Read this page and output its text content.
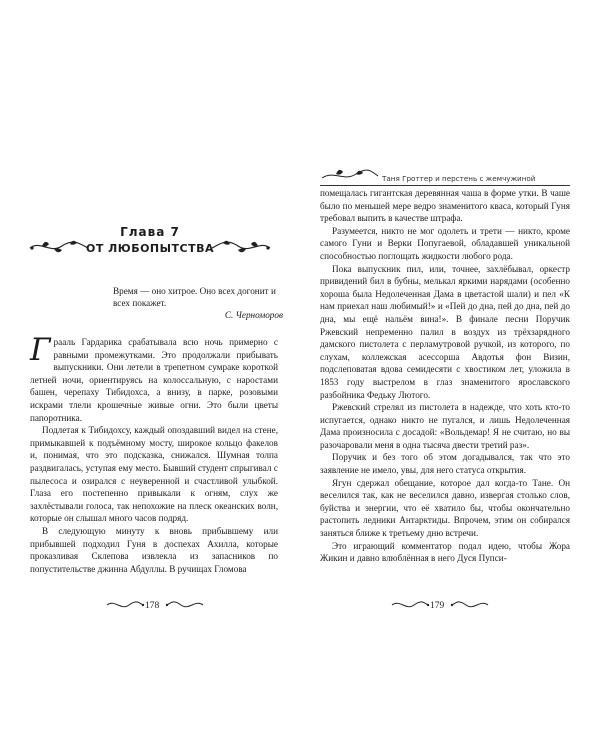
Глава 7
ОТ ЛЮБОПЫТСТВА
Время — оно хитрое. Оно всех догонит и всех покажет.
С. Черноморов

Грааль Гардарика срабатывала всю ночь примерно с равными промежутками. Это продолжали прибывать выпускники. Они летели в трепетном сумраке короткой летней ночи, ориентируясь на колоссальную, с наростами башен, черепаху Тибидохса, а внизу, в парке, розовыми искрами тлели крошечные живые огни. Это были цветы папоротника.

Подлетая к Тибидохсу, каждый опоздавший видел на стене, примыкавшей к подъёмному мосту, широкое кольцо факелов и, понимая, что это подсказка, снижался. Шумная толпа раздвигалась, уступая ему место. Бывший студент спрыгивал с пылесоса и озирался с неуверенной и счастливой улыбкой. Глаза его постепенно привыкали к огням, слух же захлёстывали голоса, так непохожие на плеск океанских волн, которые он слышал много часов подряд.

В следующую минуту к вновь прибывшему или прибывшей подходил Гуня в доспехах Ахилла, которые проказливая Склепова извлекла из запасников по попустительстве джинна Абдуллы. В ручищах Гломова

178
Таня Гроттер и перстень с жемчужиной

помещалась гигантская деревянная чаша в форме утки. В чаше было по меньшей мере ведро знаменитого кваса, который Гуня требовал выпить в качестве штрафа.

Разумеется, никто не мог одолеть и трети — никто, кроме самого Гуни и Верки Попугаевой, обладавшей уникальной способностью поглощать жидкости любого рода.

Пока выпускник пил, или, точнее, захлёбывал, оркестр привидений бил в бубны, мелькал яркими нарядами (особенно хороша была Недолеченная Дама в цветастой шали) и пел «К нам приехал наш любимый!» и «Пей до дна, пей до дна, пей до дна, мы ещё нальём вина!». В финале песни Поручик Ржевский непременно палил в воздух из трёхзарядного дамского пистолета с перламутровой ручкой, из которого, по слухам, коллежская асессорша Авдотья фон Визин, подслеповатая вдова семидесяти с хвостиком лет, уложила в 1853 году выстрелом в глаз знаменитого ярославского разбойника Федьку Лютого.

Ржевский стрелял из пистолета в надежде, что хоть кто-то испугается, однако никто не пугался, и лишь Недолеченная Дама произносила с досадой: «Вольдемар! Я не считаю, но вы разочаровали меня в одна тысяча двести третий раз».

Поручик и без того об этом догадывался, так что это заявление не имело, увы, для него статуса открытия.

Ягун сдержал обещание, которое дал когда-то Тане. Он веселился так, как не веселился давно, извергая столько слов, буйства и энергии, что её хватило бы, чтобы окончательно растопить ледники Антарктиды. Впрочем, этим он собирался заняться ближе к третьему дню встречи.

Это играющий комментатор подал идею, чтобы Жора Жикин и давно влюблённая в него Дуся Пупси-

179
